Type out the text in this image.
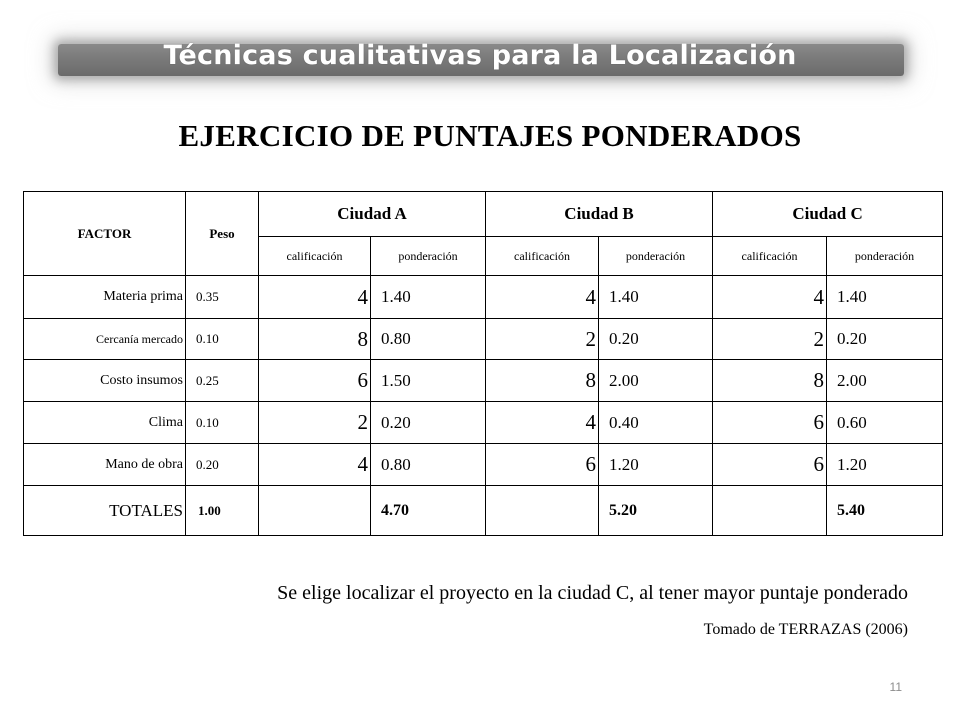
Técnicas cualitativas para la Localización
EJERCICIO DE PUNTAJES PONDERADOS
FACTOR	Peso	Ciudad A		Ciudad B		Ciudad C	
		calificación	ponderación	calificación	ponderación	calificación	ponderación
Materia prima	0.35	4	1.40	4	1.40	4	1.40
Cercanía mercado	0.10	8	0.80	2	0.20	2	0.20
Costo insumos	0.25	6	1.50	8	2.00	8	2.00
Clima	0.10	2	0.20	4	0.40	6	0.60
Mano de obra	0.20	4	0.80	6	1.20	6	1.20
TOTALES	1.00		4.70		5.20		5.40
Se elige localizar el proyecto en la ciudad C, al tener mayor puntaje ponderado
Tomado de TERRAZAS (2006)
11
